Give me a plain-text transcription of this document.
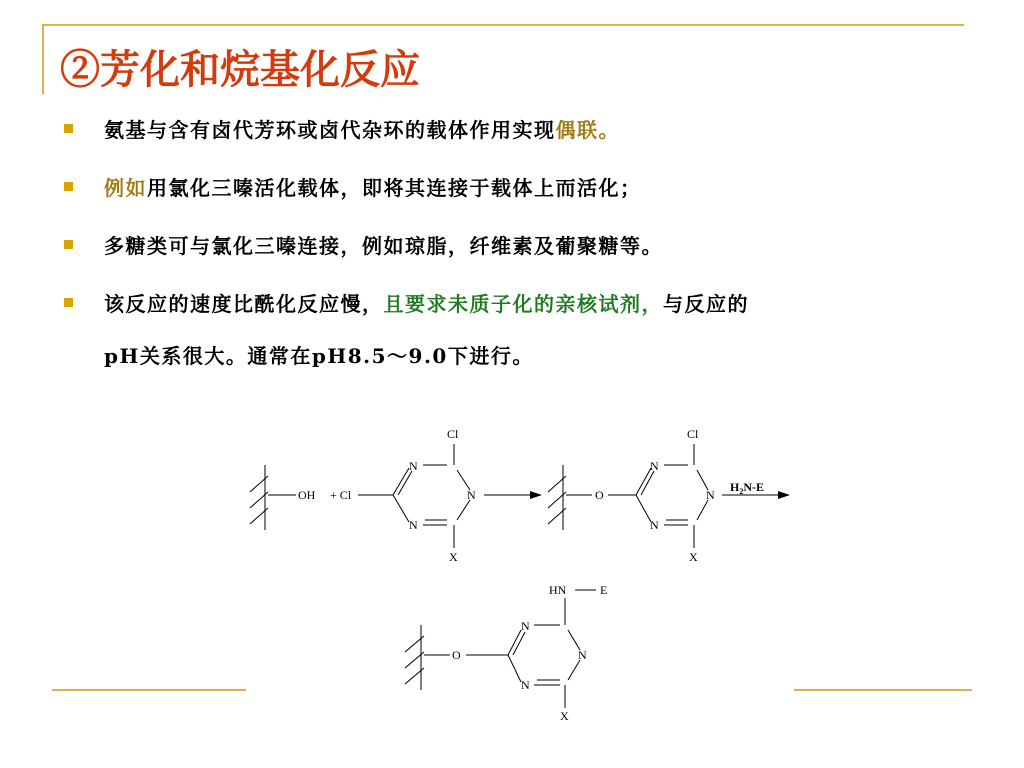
②芳化和烷基化反应
氨基与含有卤代芳环或卤代杂环的载体作用实现偶联。
例如用氯化三嗪活化载体，即将其连接于载体上而活化；
多糖类可与氯化三嗪连接，例如琼脂，纤维素及葡聚糖等。
该反应的速度比酰化反应慢，且要求未质子化的亲核试剂，与反应的
pH关系很大。通常在pH8.5～9.0下进行。
OH + Cl
Cl
N
N
N
X
O
Cl
N
N
N
X
$H_2N-E$
HN	E
O
N
N
N
X
